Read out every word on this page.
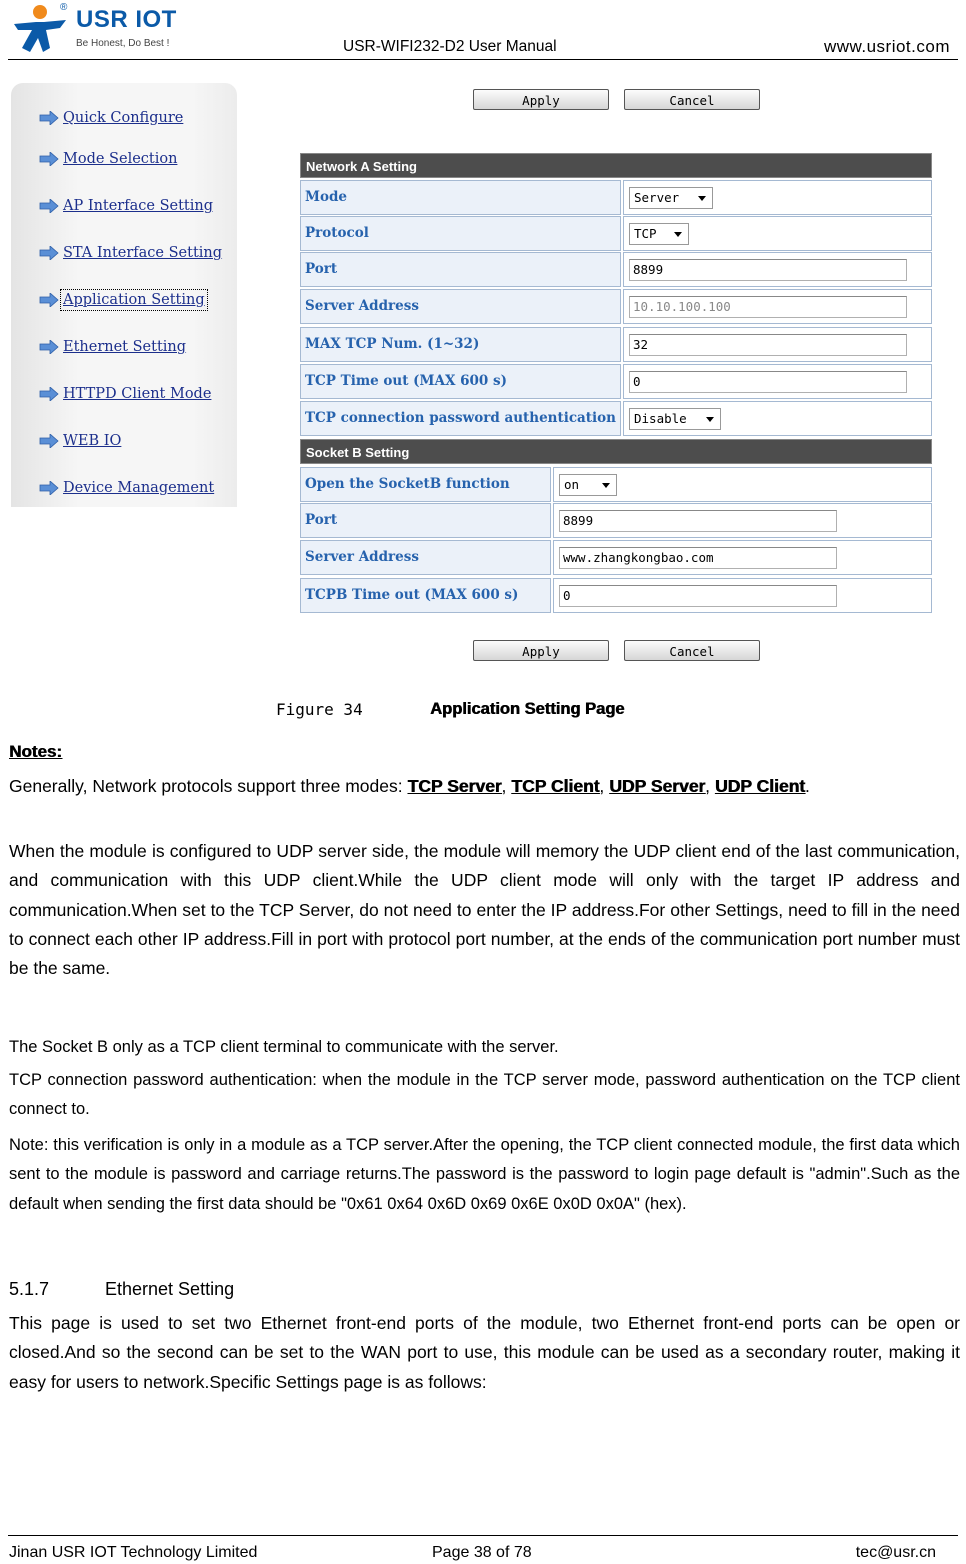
® USR IOT
Be Honest, Do Best !	USR-WIFI232-D2 User Manual	www.usriot.com
Quick Configure
Mode Selection
AP Interface Setting
STA Interface Setting
Application Setting
Ethernet Setting
HTTPD Client Mode
WEB IO
Device Management
Apply	Cancel
Network A Setting
Mode	Server
Protocol	TCP
Port	8899
Server Address	10.10.100.100
MAX TCP Num. (1~32)	32
TCP Time out (MAX 600 s)	0
TCP connection password authentication	Disable
Socket B Setting
Open the SocketB function	on
Port	8899
Server Address	www.zhangkongbao.com
TCPB Time out (MAX 600 s)	0
Apply	Cancel
Figure 34	Application Setting Page
Notes:
Generally, Network protocols support three modes: TCP Server, TCP Client, UDP Server, UDP Client.
When the module is configured to UDP server side, the module will memory the UDP client end of the last communication, and communication with this UDP client.While the UDP client mode will only with the target IP address and communication.When set to the TCP Server, do not need to enter the IP address.For other Settings, need to fill in the need to connect each other IP address.Fill in port with protocol port number, at the ends of the communication port number must be the same.
The Socket B only as a TCP client terminal to communicate with the server.
TCP connection password authentication: when the module in the TCP server mode, password authentication on the TCP client connect to.
Note: this verification is only in a module as a TCP server.After the opening, the TCP client connected module, the first data which sent to the module is password and carriage returns.The password is the password to login page default is "admin".Such as the default when sending the first data should be "0x61 0x64 0x6D 0x69 0x6E 0x0D 0x0A" (hex).
5.1.7	Ethernet Setting
This page is used to set two Ethernet front-end ports of the module, two Ethernet front-end ports can be open or closed.And so the second can be set to the WAN port to use, this module can be used as a secondary router, making it easy for users to network.Specific Settings page is as follows:
Jinan USR IOT Technology Limited	Page 38 of 78	tec@usr.cn
